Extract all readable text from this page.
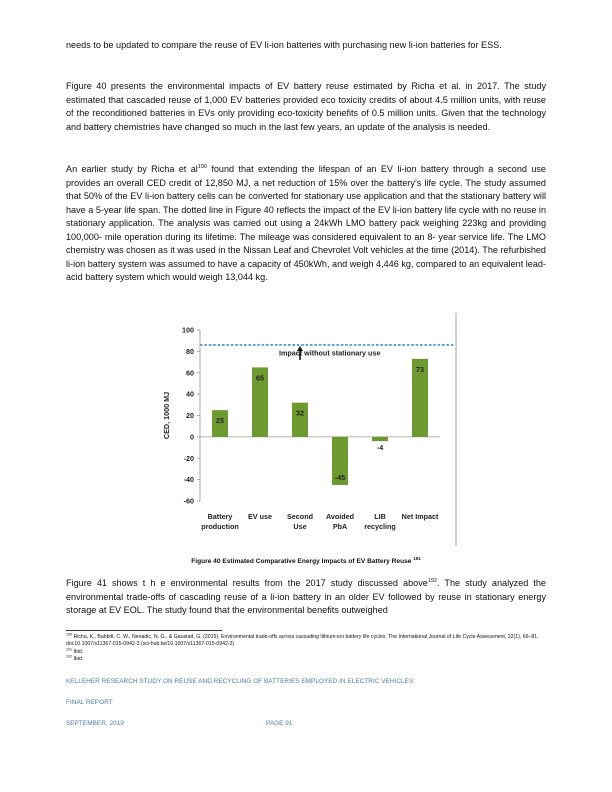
needs to be updated to compare the reuse of EV li-ion batteries with purchasing new li-ion batteries for ESS.

Figure 40 presents the environmental impacts of EV battery reuse estimated by Richa et al. in 2017. The study estimated that cascaded reuse of 1,000 EV batteries provided eco toxicity credits of about 4.5 million units, with reuse of the reconditioned batteries in EVs only providing eco-toxicity benefits of 0.5 million units. Given that the technology and battery chemistries have changed so much in the last few years, an update of the analysis is needed.

An earlier study by Richa et $al^{190}$ found that extending the lifespan of an EV li-ion battery through a second use provides an overall CED credit of 12,850 MJ, a net reduction of 15% over the battery’s life cycle. The study assumed that 50% of the EV li-ion battery cells can be converted for stationary use application and that the stationary battery will have a 5-year life span. The dotted line in Figure 40 reflects the impact of the EV li-ion battery life cycle with no reuse in stationary application. The analysis was carried out using a 24kWh LMO battery pack weighing 223kg and providing 100,000- mile operation during its lifetime. The mileage was considered equivalent to an 8- year service life. The LMO chemistry was chosen as it was used in the Nissan Leaf and Chevrolet Volt vehicles at the time (2014). The refurbished li-ion battery system was assumed to have a capacity of 450kWh, and weigh 4,446 kg, compared to an equivalent lead-acid battery system which would weigh 13,044 kg.

100
80
60
40
20
0
-20
-40
-60
25
65
32
-45
-4
73
Battery
production
EV use Second
Use
Avoided
PbA
LIB
recycling
Net Impact
Impact without stationary use
CED, 1000 MJ
Figure 40 Estimated Comparative Energy Impacts of EV Battery Reuse $^{191}$

Figure 41 shows t h e environmental results from the 2017 study discussed above$^{192}$. The study analyzed the environmental trade-offs of cascading reuse of a li-ion battery in an older EV followed by reuse in stationary energy storage at EV EOL. The study found that the environmental benefits outweighed

$^{190}$ Richa, K., Babbitt, C. W., Nenadic, N. G., & Gaustad, G. (2015). Environmental trade-offs across cascading lithium-ion battery life cycles. The International Journal of Life Cycle Assessment, 22(1), 66–81. doi:10.1007/s11367-015-0942-3 (sci-hub.tw/10.1007/s11367-015-0942-3)

$^{191}$ Ibid.

$^{192}$ Ibid.

KELLEHER RESEARCH STUDY ON REUSE AND RECYCLING OF BATTERIES EMPLOYED IN ELECTRIC VEHICLES
FINAL REPORT
SEPTEMBER, 2019	PAGE 91
